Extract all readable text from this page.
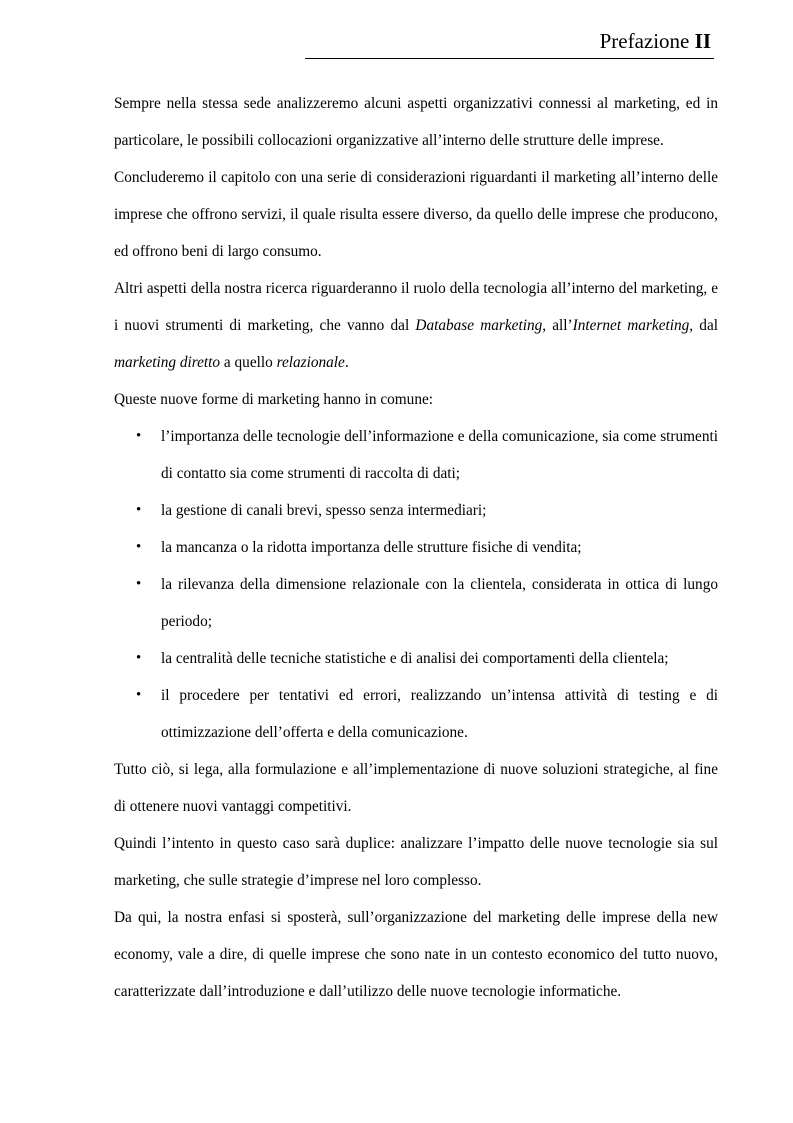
Prefazione II

Sempre nella stessa sede analizzeremo alcuni aspetti organizzativi connessi al marketing, ed in particolare, le possibili collocazioni organizzative all’interno delle strutture delle imprese.

Concluderemo il capitolo con una serie di considerazioni riguardanti il marketing all’interno delle imprese che offrono servizi, il quale risulta essere diverso, da quello delle imprese che producono, ed offrono beni di largo consumo.

Altri aspetti della nostra ricerca riguarderanno il ruolo della tecnologia all’interno del marketing, e i nuovi strumenti di marketing, che vanno dal Database marketing, all’Internet marketing, dal marketing diretto a quello relazionale.

Queste nuove forme di marketing hanno in comune:

• l’importanza delle tecnologie dell’informazione e della comunicazione, sia come strumenti di contatto sia come strumenti di raccolta di dati;
• la gestione di canali brevi, spesso senza intermediari;
• la mancanza o la ridotta importanza delle strutture fisiche di vendita;
• la rilevanza della dimensione relazionale con la clientela, considerata in ottica di lungo periodo;
• la centralità delle tecniche statistiche e di analisi dei comportamenti della clientela;
• il procedere per tentativi ed errori, realizzando un’intensa attività di testing e di ottimizzazione dell’offerta e della comunicazione.

Tutto ciò, si lega, alla formulazione e all’implementazione di nuove soluzioni strategiche, al fine di ottenere nuovi vantaggi competitivi.

Quindi l’intento in questo caso sarà duplice: analizzare l’impatto delle nuove tecnologie sia sul marketing, che sulle strategie d’imprese nel loro complesso.

Da qui, la nostra enfasi si sposterà, sull’organizzazione del marketing delle imprese della new economy, vale a dire, di quelle imprese che sono nate in un contesto economico del tutto nuovo, caratterizzate dall’introduzione e dall’utilizzo delle nuove tecnologie informatiche.
